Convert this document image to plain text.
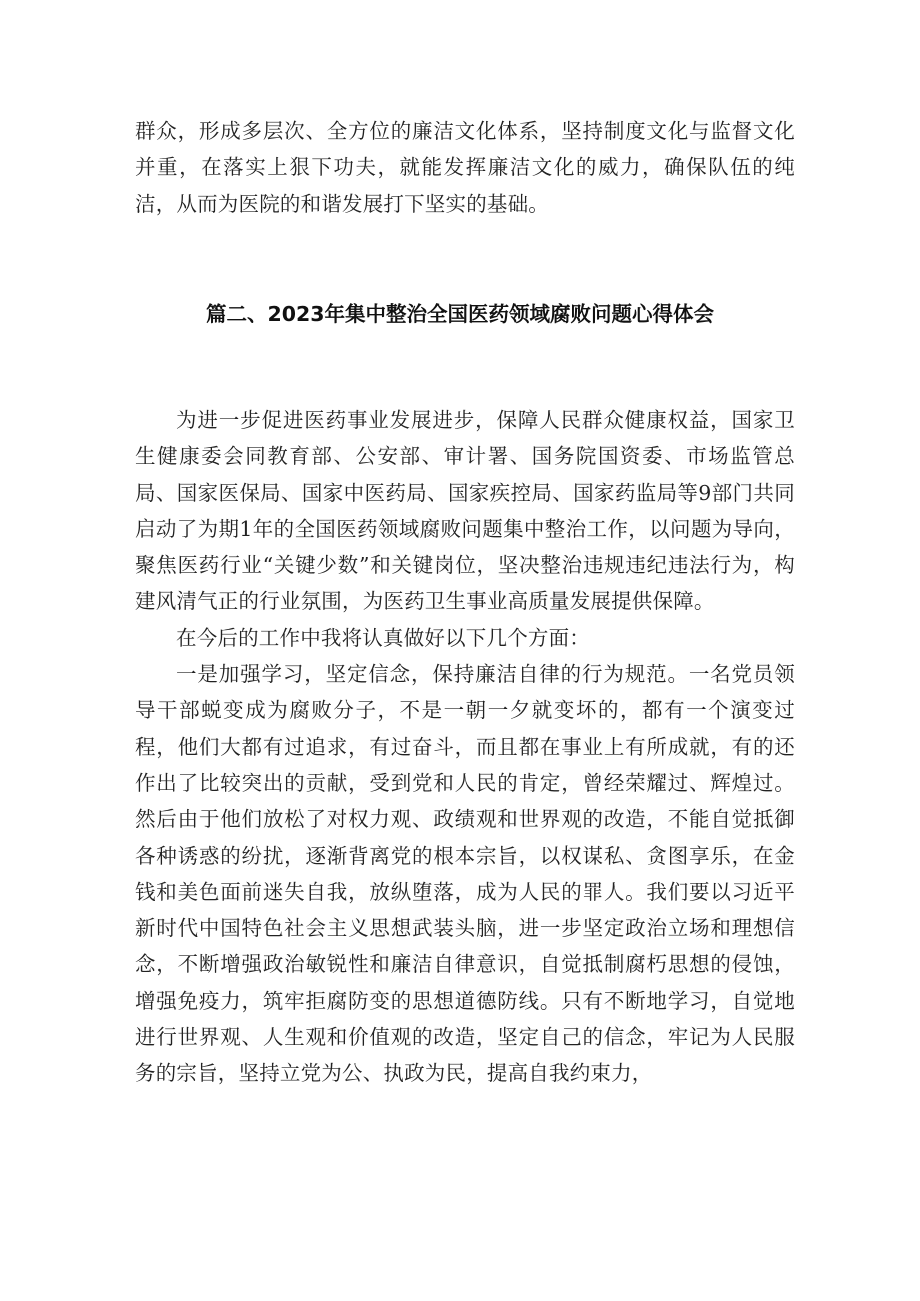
群众，形成多层次、全方位的廉洁文化体系，坚持制度文化与监督文化并重，在落实上狠下功夫，就能发挥廉洁文化的威力，确保队伍的纯洁，从而为医院的和谐发展打下坚实的基础。

篇二、2023年集中整治全国医药领域腐败问题心得体会

为进一步促进医药事业发展进步，保障人民群众健康权益，国家卫生健康委会同教育部、公安部、审计署、国务院国资委、市场监管总局、国家医保局、国家中医药局、国家疾控局、国家药监局等9部门共同启动了为期1年的全国医药领域腐败问题集中整治工作，以问题为导向，聚焦医药行业“关键少数”和关键岗位，坚决整治违规违纪违法行为，构建风清气正的行业氛围，为医药卫生事业高质量发展提供保障。

在今后的工作中我将认真做好以下几个方面：

一是加强学习，坚定信念，保持廉洁自律的行为规范。一名党员领导干部蜕变成为腐败分子，不是一朝一夕就变坏的，都有一个演变过程，他们大都有过追求，有过奋斗，而且都在事业上有所成就，有的还作出了比较突出的贡献，受到党和人民的肯定，曾经荣耀过、辉煌过。然后由于他们放松了对权力观、政绩观和世界观的改造，不能自觉抵御各种诱惑的纷扰，逐渐背离党的根本宗旨，以权谋私、贪图享乐，在金钱和美色面前迷失自我，放纵堕落，成为人民的罪人。我们要以习近平新时代中国特色社会主义思想武装头脑，进一步坚定政治立场和理想信念，不断增强政治敏锐性和廉洁自律意识，自觉抵制腐朽思想的侵蚀，增强免疫力，筑牢拒腐防变的思想道德防线。只有不断地学习，自觉地进行世界观、人生观和价值观的改造，坚定自己的信念，牢记为人民服务的宗旨，坚持立党为公、执政为民，提高自我约束力，
